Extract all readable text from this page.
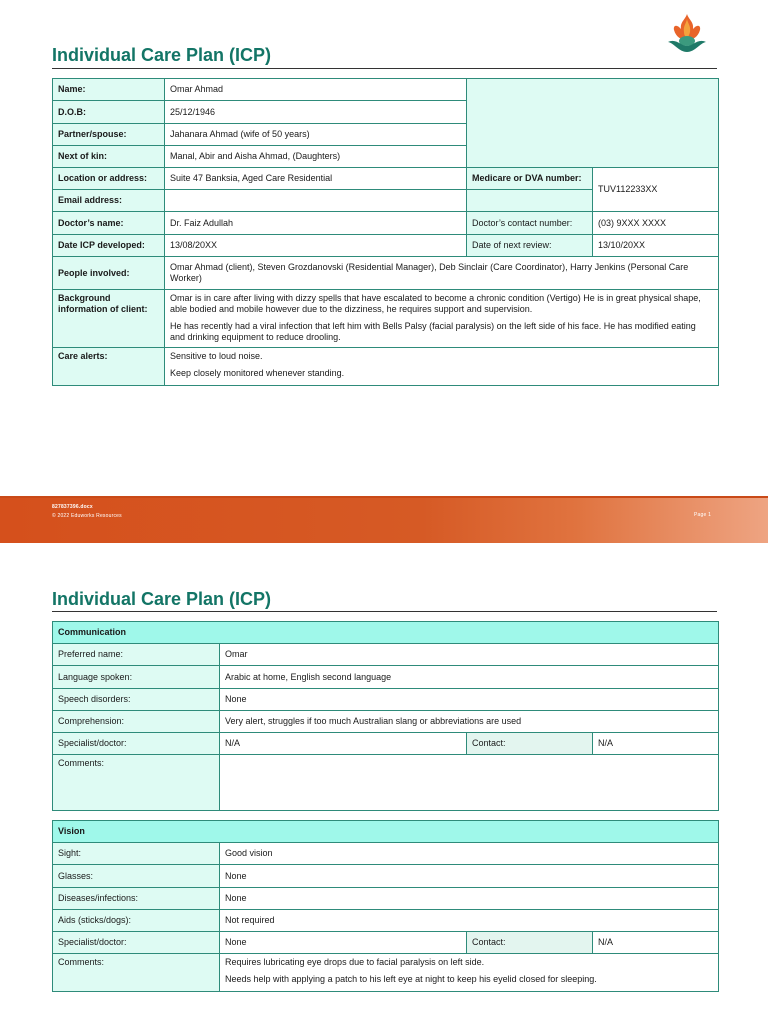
Individual Care Plan (ICP)
Name:	Omar Ahmad		
D.O.B:	25/12/1946		
Partner/spouse:	Jahanara Ahmad (wife of 50 years)		
Next of kin:	Manal, Abir and Aisha Ahmad, (Daughters)		
Location or address:	Suite 47 Banksia, Aged Care Residential	Medicare or DVA number:	TUV112233XX
Email address:			
Doctor’s name:	Dr. Faiz Adullah	Doctor’s contact number:	(03) 9XXX XXXX
Date ICP developed:	13/08/20XX	Date of next review:	13/10/20XX
People involved:	Omar Ahmad (client), Steven Grozdanovski (Residential Manager), Deb Sinclair (Care Coordinator), Harry Jenkins (Personal Care Worker)		
Background information of client:	Omar is in care after living with dizzy spells that have escalated to become a chronic condition (Vertigo) He is in great physical shape, able bodied and mobile however due to the dizziness, he requires support and supervision.

He has recently had a viral infection that left him with Bells Palsy (facial paralysis) on the left side of his face. He has modified eating and drinking equipment to reduce drooling.		

Care alerts:	Sensitive to loud noise.

Keep closely monitored whenever standing.		

827837396.docx
© 2022 Eduworks Resources	Page 1
Individual Care Plan (ICP)
Communication			
Preferred name:	Omar		
Language spoken:	Arabic at home, English second language		
Speech disorders:	None		
Comprehension:	Very alert, struggles if too much Australian slang or abbreviations are used		
Specialist/doctor:	N/A	Contact:	N/A
Comments:			
Vision			
Sight:	Good vision		
Glasses:	None		
Diseases/infections:	None		
Aids (sticks/dogs):	Not required		
Specialist/doctor:	None	Contact:	N/A
Comments:	Requires lubricating eye drops due to facial paralysis on left side.

Needs help with applying a patch to his left eye at night to keep his eyelid closed for sleeping.		
